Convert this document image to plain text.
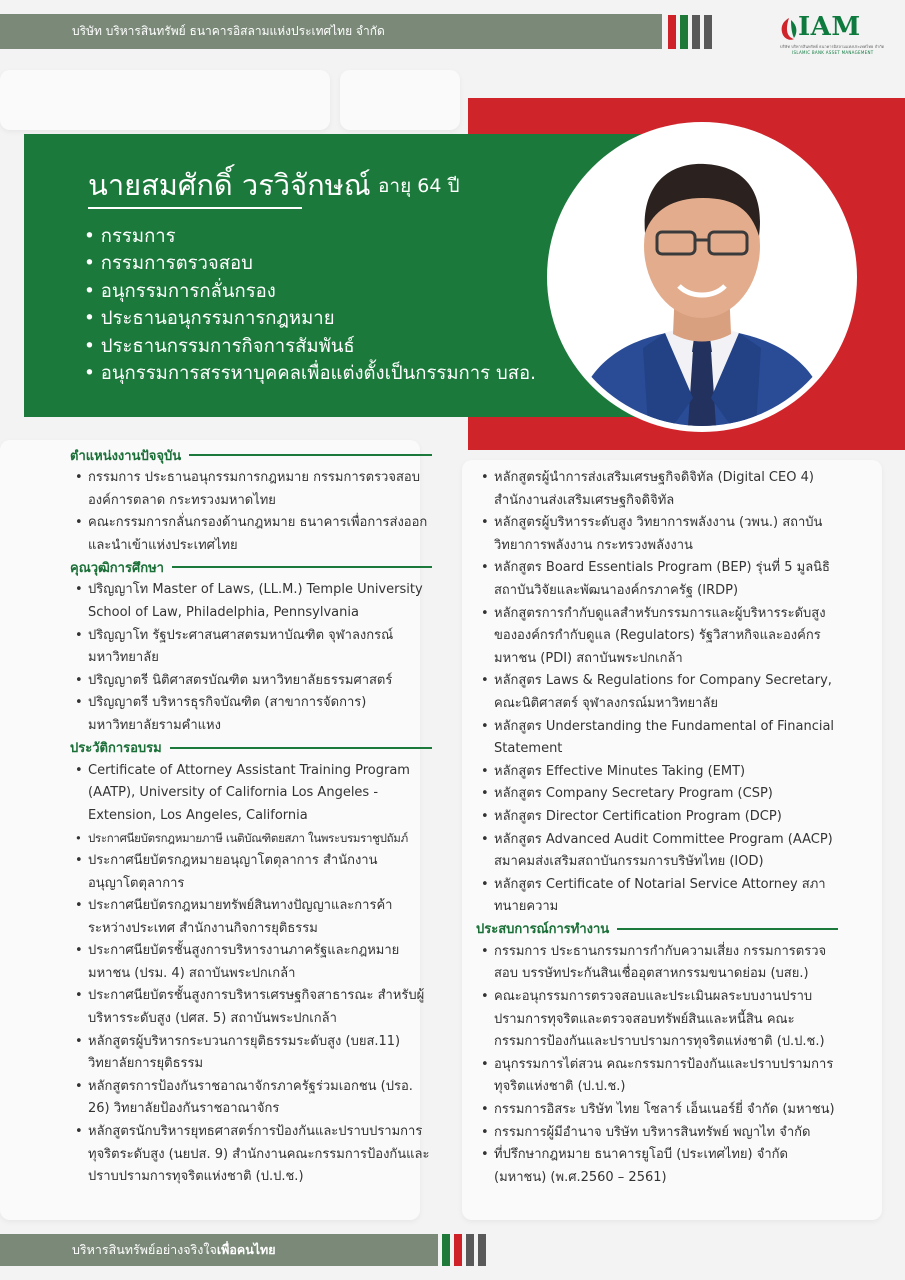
บริษัท บริหารสินทรัพย์ ธนาคารอิสลามแห่งประเทศไทย จำกัด	IAM
บริษัท บริหารสินทรัพย์ ธนาคารอิสลามแห่งประเทศไทย จำกัด
ISLAMIC BANK ASSET MANAGEMENT
นายสมศักดิ์ วรวิจักษณ์ อายุ 64 ปี
• กรรมการ
• กรรมการตรวจสอบ
• อนุกรรมการกลั่นกรอง
• ประธานอนุกรรมการกฎหมาย
• ประธานกรรมการกิจการสัมพันธ์
• อนุกรรมการสรรหาบุคคลเพื่อแต่งตั้งเป็นกรรมการ บสอ.
ตำแหน่งงานปัจจุบัน
• กรรมการ ประธานอนุกรรมการกฎหมาย กรรมการตรวจสอบ องค์การตลาด กระทรวงมหาดไทย
• คณะกรรมการกลั่นกรองด้านกฎหมาย ธนาคารเพื่อการส่งออกและนำเข้าแห่งประเทศไทย
คุณวุฒิการศึกษา
• ปริญญาโท Master of Laws, (LL.M.) Temple University School of Law, Philadelphia, Pennsylvania
• ปริญญาโท รัฐประศาสนศาสตรมหาบัณฑิต จุฬาลงกรณ์มหาวิทยาลัย
• ปริญญาตรี นิติศาสตรบัณฑิต มหาวิทยาลัยธรรมศาสตร์
• ปริญญาตรี บริหารธุรกิจบัณฑิต (สาขาการจัดการ) มหาวิทยาลัยรามคำแหง
ประวัติการอบรม
• Certificate of Attorney Assistant Training Program (AATP), University of California Los Angeles - Extension, Los Angeles, California
• ประกาศนียบัตรกฎหมายภาษี เนติบัณฑิตยสภา ในพระบรมราชูปถัมภ์
• ประกาศนียบัตรกฎหมายอนุญาโตตุลาการ สำนักงานอนุญาโตตุลาการ
• ประกาศนียบัตรกฎหมายทรัพย์สินทางปัญญาและการค้าระหว่างประเทศ สำนักงานกิจการยุติธรรม
• ประกาศนียบัตรชั้นสูงการบริหารงานภาครัฐและกฎหมายมหาชน (ปรม. 4) สถาบันพระปกเกล้า
• ประกาศนียบัตรชั้นสูงการบริหารเศรษฐกิจสาธารณะ สำหรับผู้บริหารระดับสูง (ปศส. 5) สถาบันพระปกเกล้า
• หลักสูตรผู้บริหารกระบวนการยุติธรรมระดับสูง (บยส.11) วิทยาลัยการยุติธรรม
• หลักสูตรการป้องกันราชอาณาจักรภาครัฐร่วมเอกชน (ปรอ. 26) วิทยาลัยป้องกันราชอาณาจักร
• หลักสูตรนักบริหารยุทธศาสตร์การป้องกันและปราบปรามการทุจริตระดับสูง (นยปส. 9) สำนักงานคณะกรรมการป้องกันและปราบปรามการทุจริตแห่งชาติ (ป.ป.ช.)
• หลักสูตรผู้นำการส่งเสริมเศรษฐกิจดิจิทัล (Digital CEO 4) สำนักงานส่งเสริมเศรษฐกิจดิจิทัล
• หลักสูตรผู้บริหารระดับสูง วิทยาการพลังงาน (วพน.) สถาบันวิทยาการพลังงาน กระทรวงพลังงาน
• หลักสูตร Board Essentials Program (BEP) รุ่นที่ 5 มูลนิธิสถาบันวิจัยและพัฒนาองค์กรภาครัฐ (IRDP)
• หลักสูตรการกำกับดูแลสำหรับกรรมการและผู้บริหารระดับสูงขององค์กรกำกับดูแล (Regulators) รัฐวิสาหกิจและองค์กรมหาชน (PDI) สถาบันพระปกเกล้า
• หลักสูตร Laws & Regulations for Company Secretary, คณะนิติศาสตร์ จุฬาลงกรณ์มหาวิทยาลัย
• หลักสูตร Understanding the Fundamental of Financial Statement
• หลักสูตร Effective Minutes Taking (EMT)
• หลักสูตร Company Secretary Program (CSP)
• หลักสูตร Director Certification Program (DCP)
• หลักสูตร Advanced Audit Committee Program (AACP) สมาคมส่งเสริมสถาบันกรรมการบริษัทไทย (IOD)
• หลักสูตร Certificate of Notarial Service Attorney สภาทนายความ
ประสบการณ์การทำงาน
• กรรมการ ประธานกรรมการกำกับความเสี่ยง กรรมการตรวจสอบ บรรษัทประกันสินเชื่ออุตสาหกรรมขนาดย่อม (บสย.)
• คณะอนุกรรมการตรวจสอบและประเมินผลระบบงานปราบปรามการทุจริตและตรวจสอบทรัพย์สินและหนี้สิน คณะกรรมการป้องกันและปราบปรามการทุจริตแห่งชาติ (ป.ป.ช.)
• อนุกรรมการไต่สวน คณะกรรมการป้องกันและปราบปรามการทุจริตแห่งชาติ (ป.ป.ช.)
• กรรมการอิสระ บริษัท ไทย โซลาร์ เอ็นเนอร์ยี่ จำกัด (มหาชน)
• กรรมการผู้มีอำนาจ บริษัท บริหารสินทรัพย์ พญาไท จำกัด
• ที่ปรึกษากฎหมาย ธนาคารยูโอบี (ประเทศไทย) จำกัด (มหาชน) (พ.ศ.2560 – 2561)
บริหารสินทรัพย์อย่างจริงใจเพื่อคนไทย
